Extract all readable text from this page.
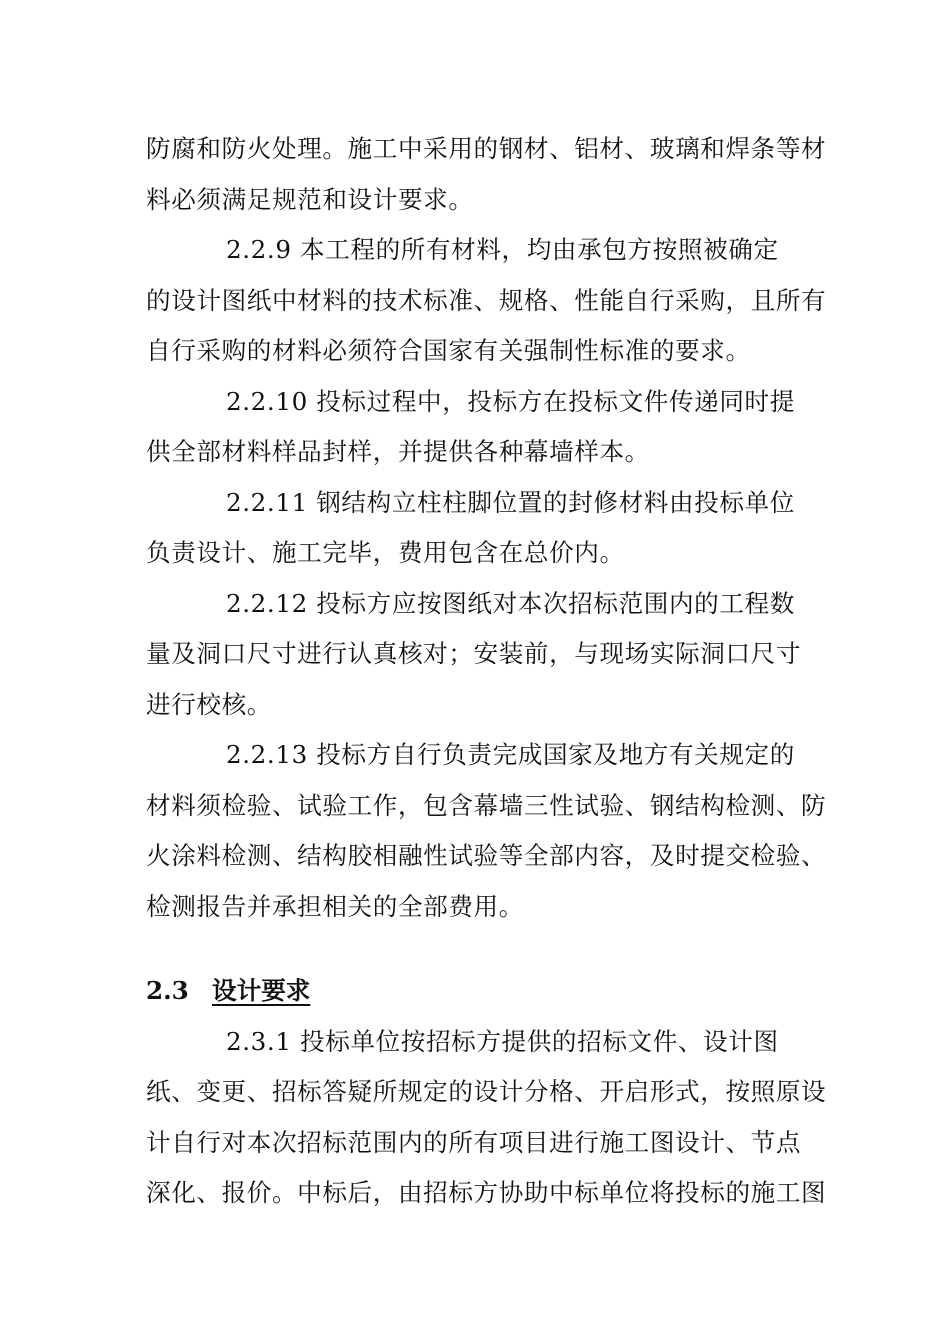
防腐和防火处理。施工中采用的钢材、铝材、玻璃和焊条等材
料必须满足规范和设计要求。
2.2.9 本工程的所有材料，均由承包方按照被确定
的设计图纸中材料的技术标准、规格、性能自行采购，且所有
自行采购的材料必须符合国家有关强制性标准的要求。
2.2.10 投标过程中，投标方在投标文件传递同时提
供全部材料样品封样，并提供各种幕墙样本。
2.2.11 钢结构立柱柱脚位置的封修材料由投标单位
负责设计、施工完毕，费用包含在总价内。
2.2.12 投标方应按图纸对本次招标范围内的工程数
量及洞口尺寸进行认真核对；安装前，与现场实际洞口尺寸
进行校核。
2.2.13 投标方自行负责完成国家及地方有关规定的
材料须检验、试验工作，包含幕墙三性试验、钢结构检测、防
火涂料检测、结构胶相融性试验等全部内容，及时提交检验、
检测报告并承担相关的全部费用。
2.3 设计要求
2.3.1 投标单位按招标方提供的招标文件、设计图
纸、变更、招标答疑所规定的设计分格、开启形式，按照原设
计自行对本次招标范围内的所有项目进行施工图设计、节点
深化、报价。中标后，由招标方协助中标单位将投标的施工图
